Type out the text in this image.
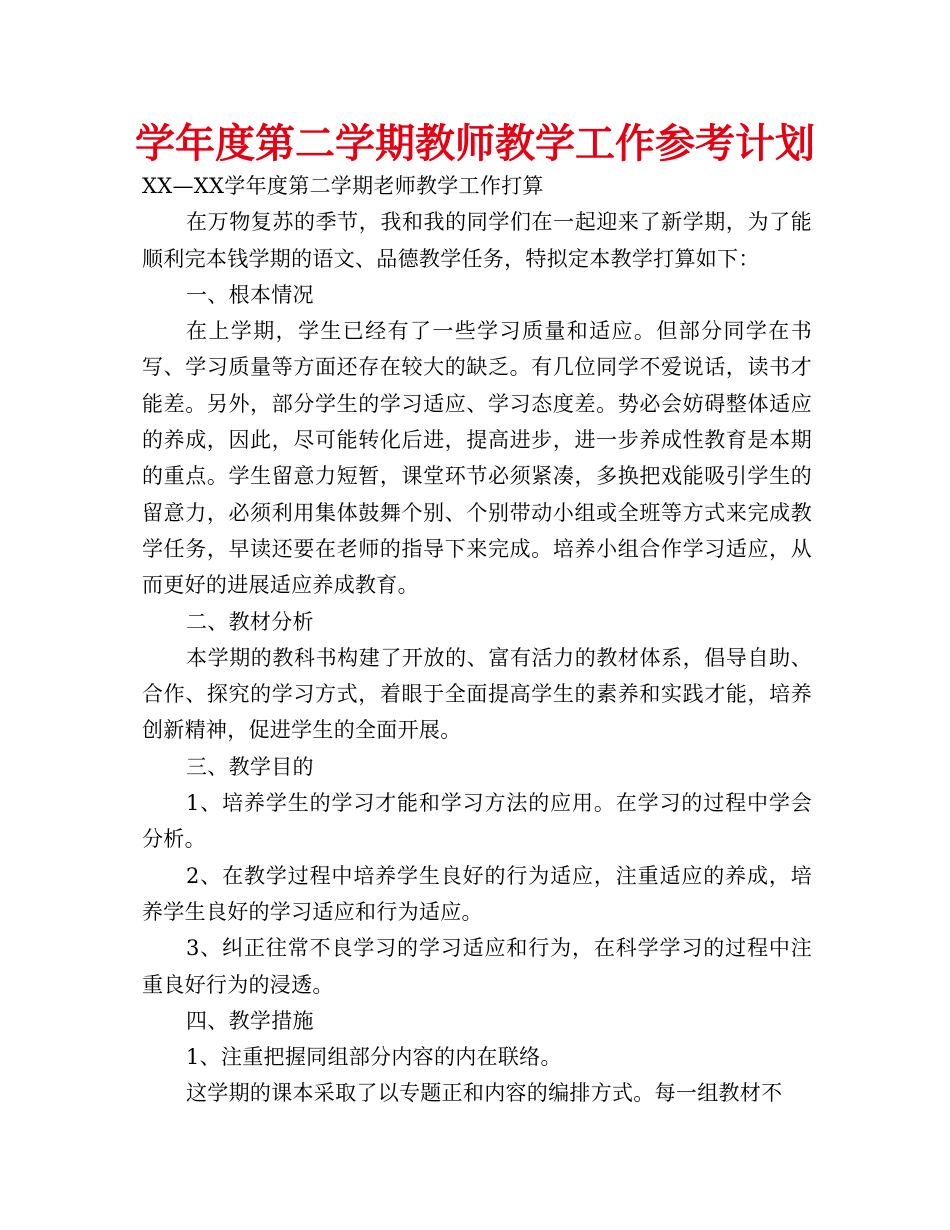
学年度第二学期教师教学工作参考计划

XX—XX学年度第二学期老师教学工作打算

在万物复苏的季节，我和我的同学们在一起迎来了新学期，为了能顺利完本钱学期的语文、品德教学任务，特拟定本教学打算如下：

一、根本情况

在上学期，学生已经有了一些学习质量和适应。但部分同学在书写、学习质量等方面还存在较大的缺乏。有几位同学不爱说话，读书才能差。另外，部分学生的学习适应、学习态度差。势必会妨碍整体适应的养成，因此，尽可能转化后进，提高进步，进一步养成性教育是本期的重点。学生留意力短暂，课堂环节必须紧凑，多换把戏能吸引学生的留意力，必须利用集体鼓舞个别、个别带动小组或全班等方式来完成教学任务，早读还要在老师的指导下来完成。培养小组合作学习适应，从而更好的进展适应养成教育。

二、教材分析

本学期的教科书构建了开放的、富有活力的教材体系，倡导自助、合作、探究的学习方式，着眼于全面提高学生的素养和实践才能，培养创新精神，促进学生的全面开展。

三、教学目的

1、培养学生的学习才能和学习方法的应用。在学习的过程中学会分析。

2、在教学过程中培养学生良好的行为适应，注重适应的养成，培养学生良好的学习适应和行为适应。

3、纠正往常不良学习的学习适应和行为，在科学学习的过程中注重良好行为的浸透。

四、教学措施

1、注重把握同组部分内容的内在联络。

这学期的课本采取了以专题正和内容的编排方式。每一组教材不
